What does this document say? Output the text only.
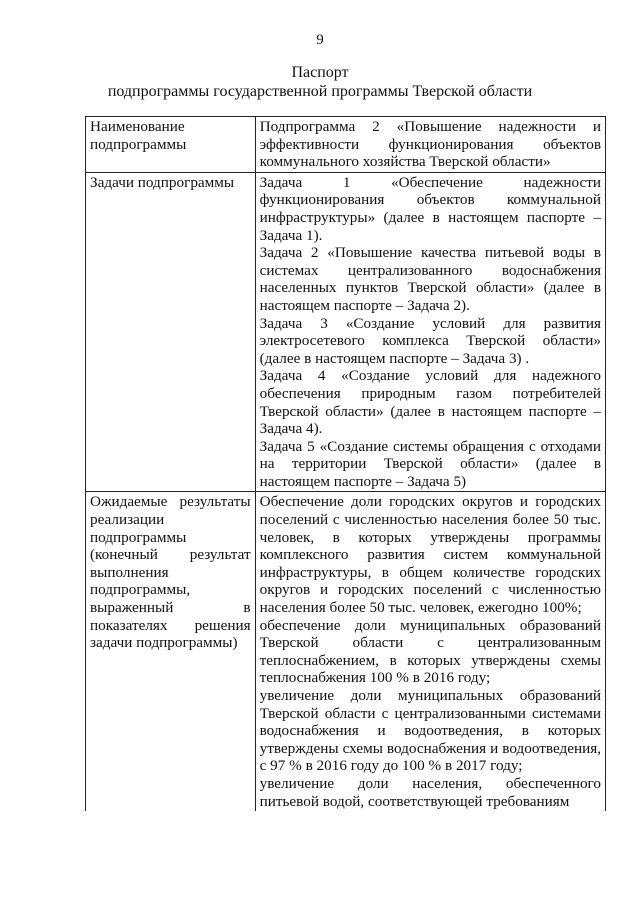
9
Паспорт
подпрограммы государственной программы Тверской области
Наименование подпрограммы	Подпрограмма 2 «Повышение надежности и эффективности функционирования объектов коммунального хозяйства Тверской области»

Задачи подпрограммы	Задача 1 «Обеспечение надежности функционирования объектов коммунальной инфраструктуры» (далее в настоящем паспорте – Задача 1).
Задача 2 «Повышение качества питьевой воды в системах централизованного водоснабжения населенных пунктов Тверской области» (далее в настоящем паспорте – Задача 2).
Задача 3 «Создание условий для развития электросетевого комплекса Тверской области» (далее в настоящем паспорте – Задача 3) .
Задача 4 «Создание условий для надежного обеспечения природным газом потребителей Тверской области» (далее в настоящем паспорте – Задача 4).
Задача 5 «Создание системы обращения с отходами на территории Тверской области» (далее в настоящем паспорте – Задача 5)

Ожидаемые результаты реализации подпрограммы (конечный результат выполнения подпрограммы, выраженный в показателях решения задачи подпрограммы)	Обеспечение доли городских округов и городских поселений с численностью населения более 50 тыс. человек, в которых утверждены программы комплексного развития систем коммунальной инфраструктуры, в общем количестве городских округов и городских поселений с численностью населения более 50 тыс. человек, ежегодно 100%;
обеспечение доли муниципальных образований Тверской области с централизованным теплоснабжением, в которых утверждены схемы теплоснабжения 100 % в 2016 году;
увеличение доли муниципальных образований Тверской области с централизованными системами водоснабжения и водоотведения, в которых утверждены схемы водоснабжения и водоотведения, с 97 % в 2016 году до 100 % в 2017 году;
увеличение доли населения, обеспеченного питьевой водой, соответствующей требованиям
